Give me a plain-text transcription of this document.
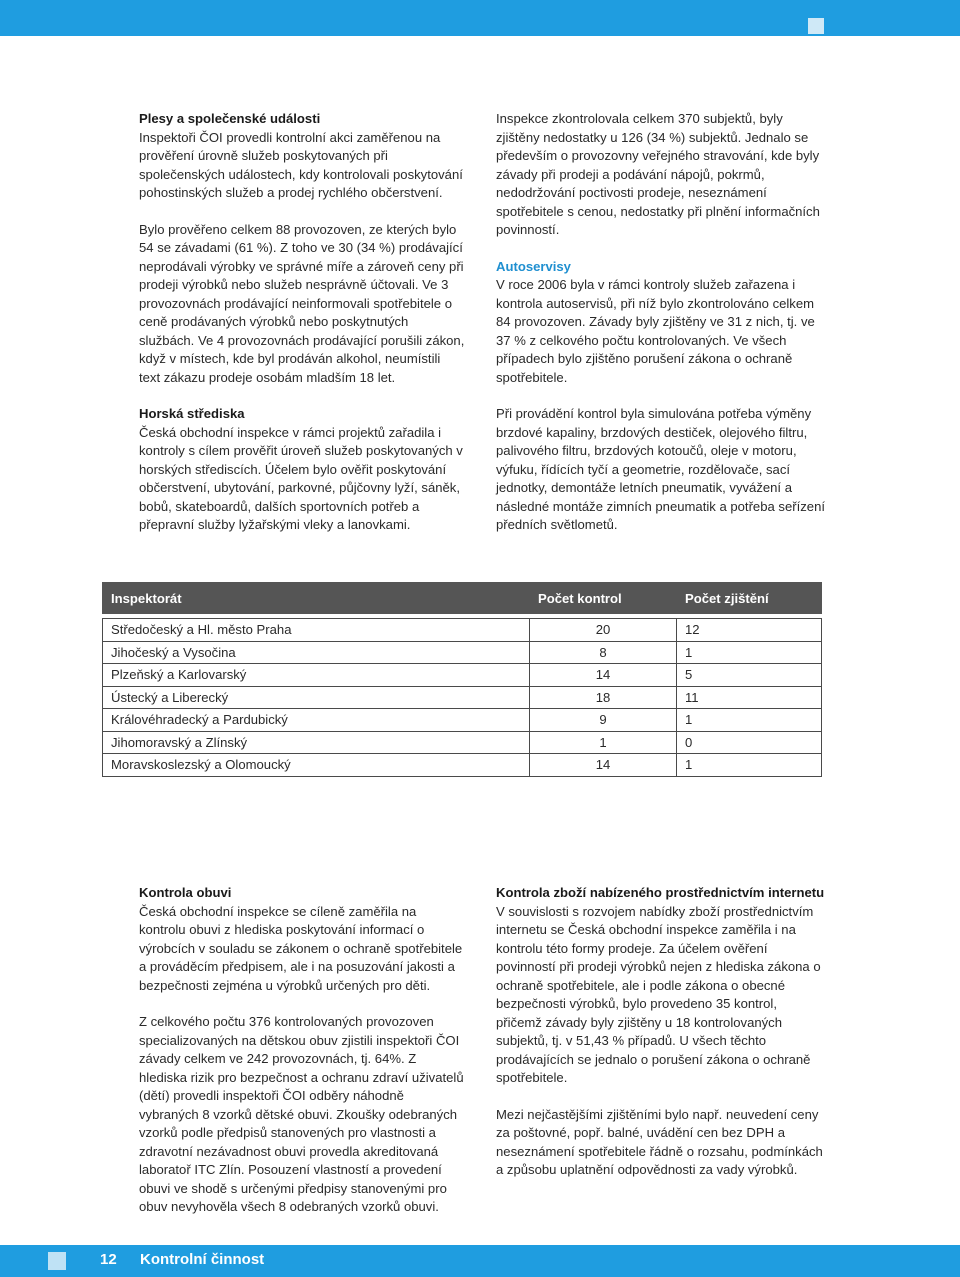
Plesy a společenské události

Inspektoři ČOI provedli kontrolní akci zaměřenou na prověření úrovně služeb poskytovaných při společenských událostech, kdy kontrolovali poskytování pohostinských služeb a prodej rychlého občerstvení.

Bylo prověřeno celkem 88 provozoven, ze kterých bylo 54 se závadami (61 %). Z toho ve 30 (34 %) prodávající neprodávali výrobky ve správné míře a zároveň ceny při prodeji výrobků nebo služeb nesprávně účtovali. Ve 3 provozovnách prodávající neinformovali spotřebitele o ceně prodávaných výrobků nebo poskytnutých službách. Ve 4 provozovnách prodávající porušili zákon, když v místech, kde byl prodáván alkohol, neumístili text zákazu prodeje osobám mladším 18 let.

Horská střediska

Česká obchodní inspekce v rámci projektů zařadila i kontroly s cílem prověřit úroveň služeb poskytovaných v horských střediscích. Účelem bylo ověřit poskytování občerstvení, ubytování, parkovné, půjčovny lyží, sáněk, bobů, skateboardů, dalších sportovních potřeb a přepravní služby lyžařskými vleky a lanovkami.

Inspekce zkontrolovala celkem 370 subjektů, byly zjištěny nedostatky u 126 (34 %) subjektů. Jednalo se především o provozovny veřejného stravování, kde byly závady při prodeji a podávání nápojů, pokrmů, nedodržování poctivosti prodeje, neseznámení spotřebitele s cenou, nedostatky při plnění informačních povinností.

Autoservisy

V roce 2006 byla v rámci kontroly služeb zařazena i kontrola autoservisů, při níž bylo zkontrolováno celkem 84 provozoven. Závady byly zjištěny ve 31 z nich, tj. ve 37 % z celkového počtu kontrolovaných. Ve všech případech bylo zjištěno porušení zákona o ochraně spotřebitele.

Při provádění kontrol byla simulována potřeba výměny brzdové kapaliny, brzdových destiček, olejového filtru, palivového filtru, brzdových kotoučů, oleje v motoru, výfuku, řídících tyčí a geometrie, rozdělovače, sací jednotky, demontáže letních pneumatik, vyvážení a následné montáže zimních pneumatik a potřeba seřízení předních světlometů.

Inspektorát	Počet kontrol	Počet zjištění

Středočeský a Hl. město Praha	20	12
Jihočeský a Vysočina	8	1
Plzeňský a Karlovarský	14	5
Ústecký a Liberecký	18	11
Královéhradecký a Pardubický	9	1
Jihomoravský a Zlínský	1	0
Moravskoslezský a Olomoucký	14	1
Kontrola obuvi

Česká obchodní inspekce se cíleně zaměřila na kontrolu obuvi z hlediska poskytování informací o výrobcích v souladu se zákonem o ochraně spotřebitele a prováděcím předpisem, ale i na posuzování jakosti a bezpečnosti zejména u výrobků určených pro děti.

Z celkového počtu 376 kontrolovaných provozoven specializovaných na dětskou obuv zjistili inspektoři ČOI závady celkem ve 242 provozovnách, tj. 64%. Z hlediska rizik pro bezpečnost a ochranu zdraví uživatelů (dětí) provedli inspektoři ČOI odběry náhodně vybraných 8 vzorků dětské obuvi. Zkoušky odebraných vzorků podle předpisů stanovených pro vlastnosti a zdravotní nezávadnost obuvi provedla akreditovaná laboratoř ITC Zlín. Posouzení vlastností a provedení obuvi ve shodě s určenými předpisy stanovenými pro obuv nevyhověla všech 8 odebraných vzorků obuvi.

Kontrola zboží nabízeného prostřednictvím internetu

V souvislosti s rozvojem nabídky zboží prostřednictvím internetu se Česká obchodní inspekce zaměřila i na kontrolu této formy prodeje. Za účelem ověření povinností při prodeji výrobků nejen z hlediska zákona o ochraně spotřebitele, ale i podle zákona o obecné bezpečnosti výrobků, bylo provedeno 35 kontrol, přičemž závady byly zjištěny u 18 kontrolovaných subjektů, tj. v 51,43 % případů. U všech těchto prodávajících se jednalo o porušení zákona o ochraně spotřebitele.

Mezi nejčastějšími zjištěními bylo např. neuvedení ceny za poštovné, popř. balné, uvádění cen bez DPH a neseznámení spotřebitele řádně o rozsahu, podmínkách a způsobu uplatnění odpovědnosti za vady výrobků.

12 Kontrolní činnost
